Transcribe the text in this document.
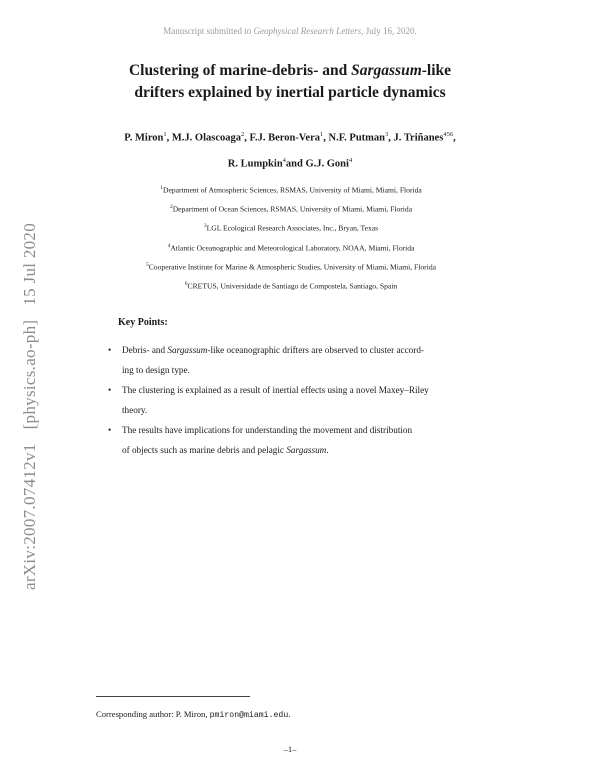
Manuscript submitted to Geophysical Research Letters, July 16, 2020.
Clustering of marine-debris- and Sargassum-like
drifters explained by inertial particle dynamics
P. Miron$^1$, M.J. Olascoaga$^2$, F.J. Beron-Vera$^1$, N.F. Putman$^3$, J. Triñanes$^{456}$,
R. Lumpkin$^4$and G.J. Goni$^4$
$^1$Department of Atmospheric Sciences, RSMAS, University of Miami, Miami, Florida
$^2$Department of Ocean Sciences, RSMAS, University of Miami, Miami, Florida
$^3$LGL Ecological Research Associates, Inc., Bryan, Texas
$^4$Atlantic Oceanographic and Meteorological Laboratory, NOAA, Miami, Florida
$^5$Cooperative Institute for Marine & Atmospheric Studies, University of Miami, Miami, Florida
$^6$CRETUS, Universidade de Santiago de Compostela, Santiago, Spain
arXiv:2007.07412v1[physics.ao-ph]15 Jul 2020
Key Points:
• Debris- and Sargassum-like oceanographic drifters are observed to cluster accord-
ing to design type.
• The clustering is explained as a result of inertial effects using a novel Maxey–Riley
theory.
• The results have implications for understanding the movement and distribution
of objects such as marine debris and pelagic Sargassum.
Corresponding author: P. Miron, pmiron@miami.edu.
–1–
